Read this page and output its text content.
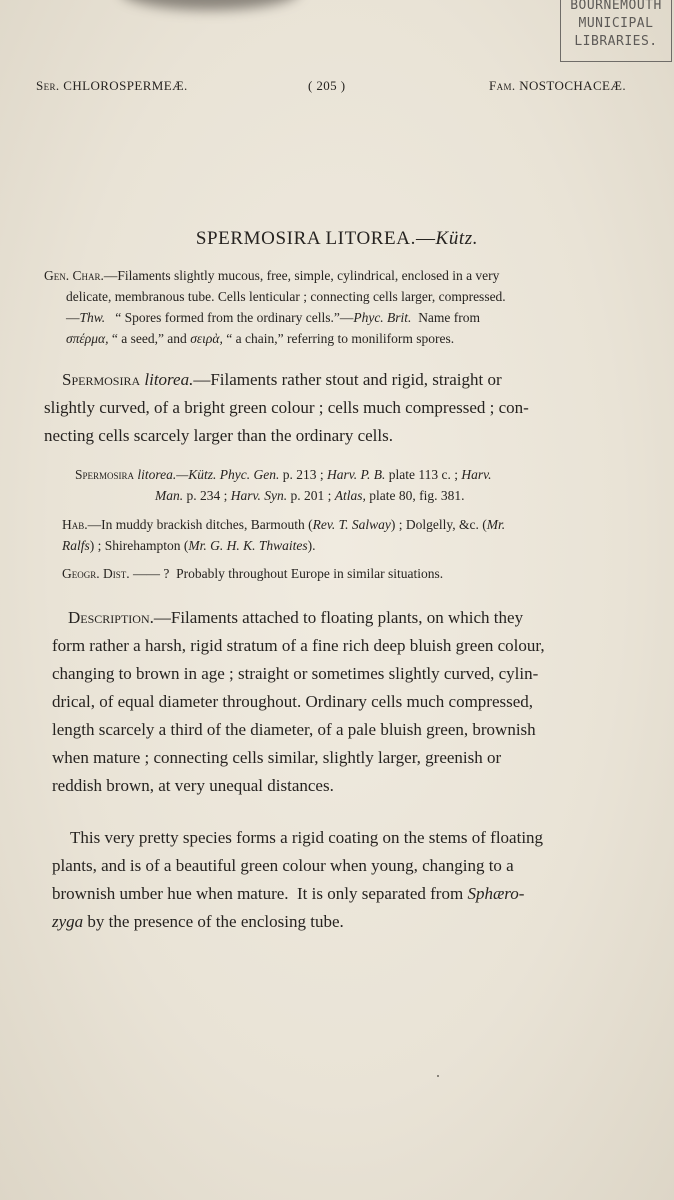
BOURNEMOUTH
MUNICIPAL
LIBRARIES.
Ser. CHLOROSPERMEÆ.	( 205 )	Fam. NOSTOCHACEÆ.
SPERMOSIRA LITOREA.—Kütz.
Gen. Char.—Filaments slightly mucous, free, simple, cylindrical, enclosed in a very
delicate, membranous tube. Cells lenticular ; connecting cells larger, compressed.
—Thw.   “ Spores formed from the ordinary cells.”—Phyc. Brit.  Name from
σπέρμα, “ a seed,” and σειρὰ, “ a chain,” referring to moniliform spores.
Spermosira litorea.—Filaments rather stout and rigid, straight or
slightly curved, of a bright green colour ; cells much compressed ; con-
necting cells scarcely larger than the ordinary cells.
Spermosira litorea.—Kütz. Phyc. Gen. p. 213 ; Harv. P. B. plate 113 c. ; Harv.
Man. p. 234 ; Harv. Syn. p. 201 ; Atlas, plate 80, fig. 381.
Hab.—In muddy brackish ditches, Barmouth (Rev. T. Salway) ; Dolgelly, &c. (Mr.
Ralfs) ; Shirehampton (Mr. G. H. K. Thwaites).
Geogr. Dist. —— ?  Probably throughout Europe in similar situations.
Description.—Filaments attached to floating plants, on which they
form rather a harsh, rigid stratum of a fine rich deep bluish green colour,
changing to brown in age ; straight or sometimes slightly curved, cylin-
drical, of equal diameter throughout. Ordinary cells much compressed,
length scarcely a third of the diameter, of a pale bluish green, brownish
when mature ; connecting cells similar, slightly larger, greenish or
reddish brown, at very unequal distances.
This very pretty species forms a rigid coating on the stems of floating
plants, and is of a beautiful green colour when young, changing to a
brownish umber hue when mature.  It is only separated from Sphæro-
zyga by the presence of the enclosing tube.
